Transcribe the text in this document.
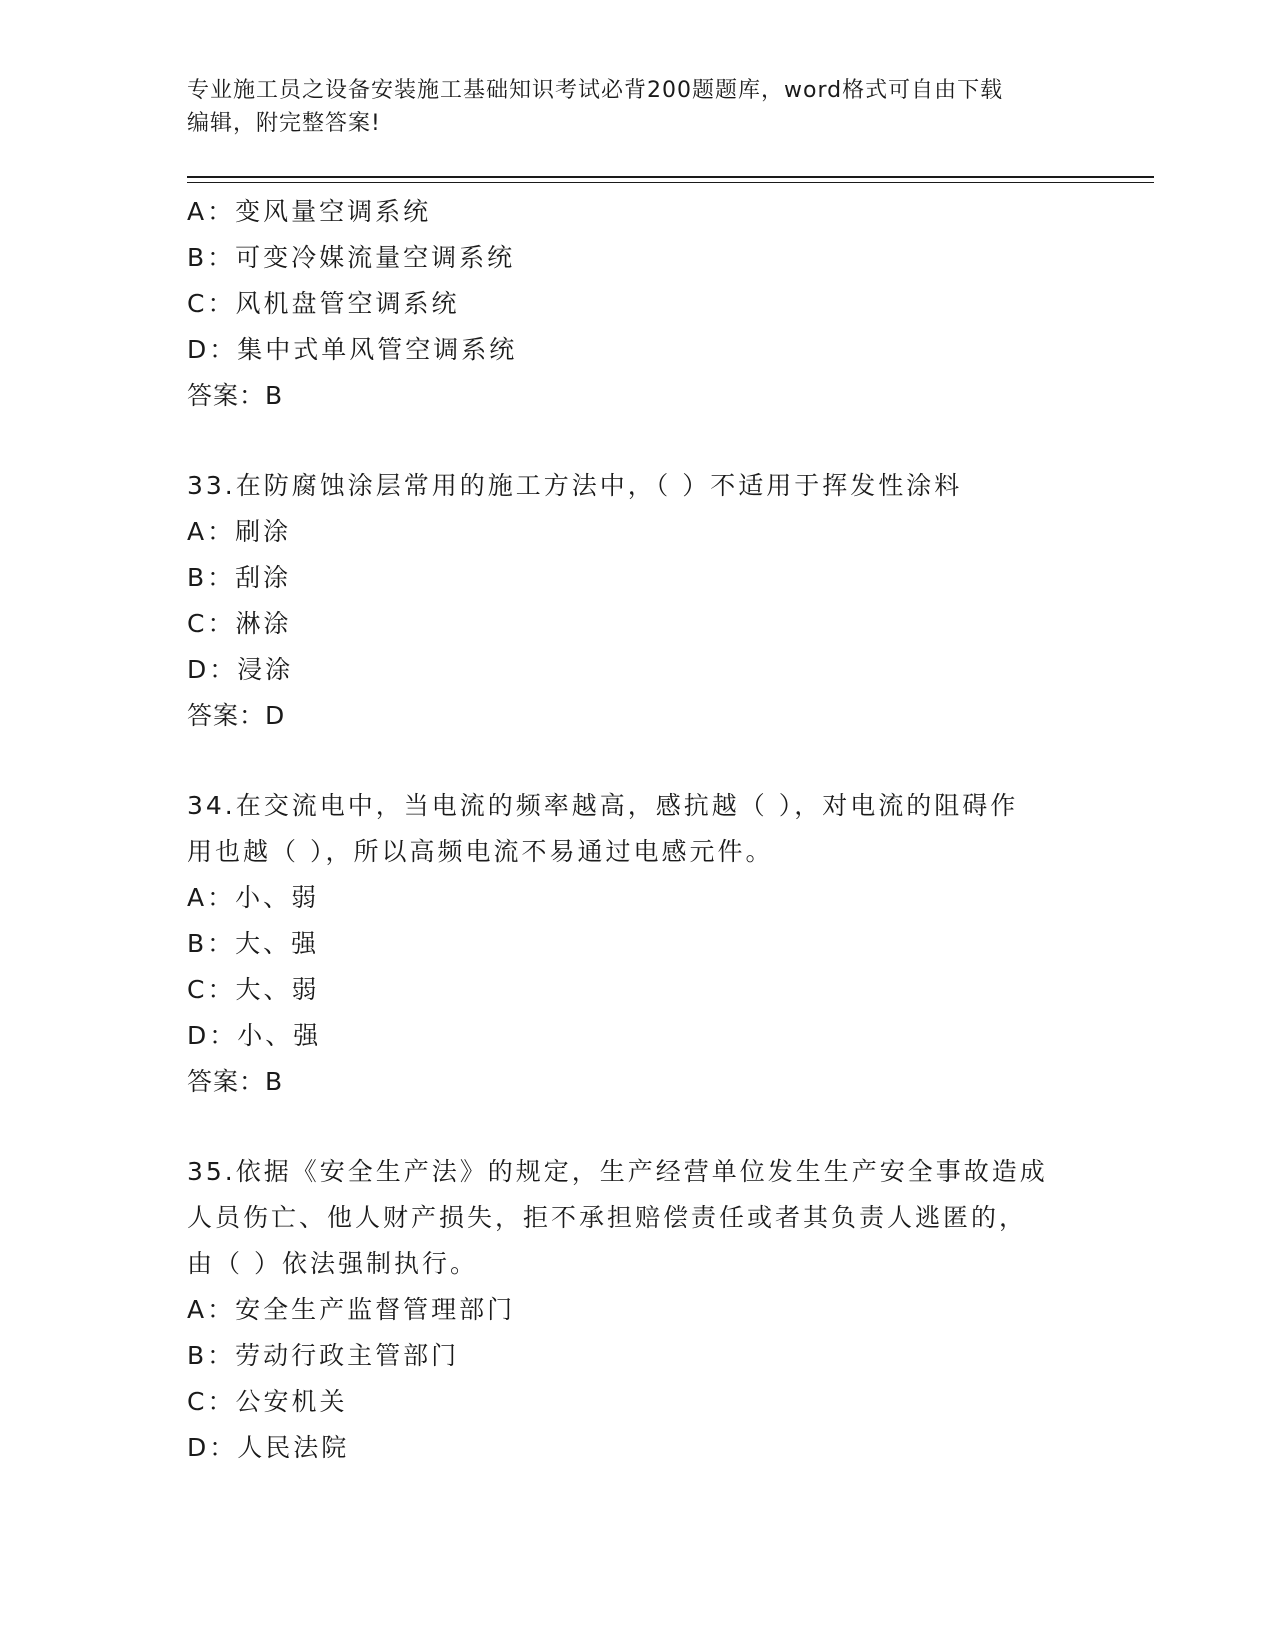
专业施工员之设备安装施工基础知识考试必背200题题库，word格式可自由下载
编辑，附完整答案!
A：变风量空调系统
B：可变冷媒流量空调系统
C：风机盘管空调系统
D：集中式单风管空调系统
答案：B
33.在防腐蚀涂层常用的施工方法中，（ ）不适用于挥发性涂料
A：刷涂
B：刮涂
C：淋涂
D：浸涂
答案：D
34.在交流电中，当电流的频率越高，感抗越（ ），对电流的阻碍作
用也越（ ），所以高频电流不易通过电感元件。
A：小、弱
B：大、强
C：大、弱
D：小、强
答案：B
35.依据《安全生产法》的规定，生产经营单位发生生产安全事故造成
人员伤亡、他人财产损失，拒不承担赔偿责任或者其负责人逃匿的，
由（ ）依法强制执行。
A：安全生产监督管理部门
B：劳动行政主管部门
C：公安机关
D：人民法院
